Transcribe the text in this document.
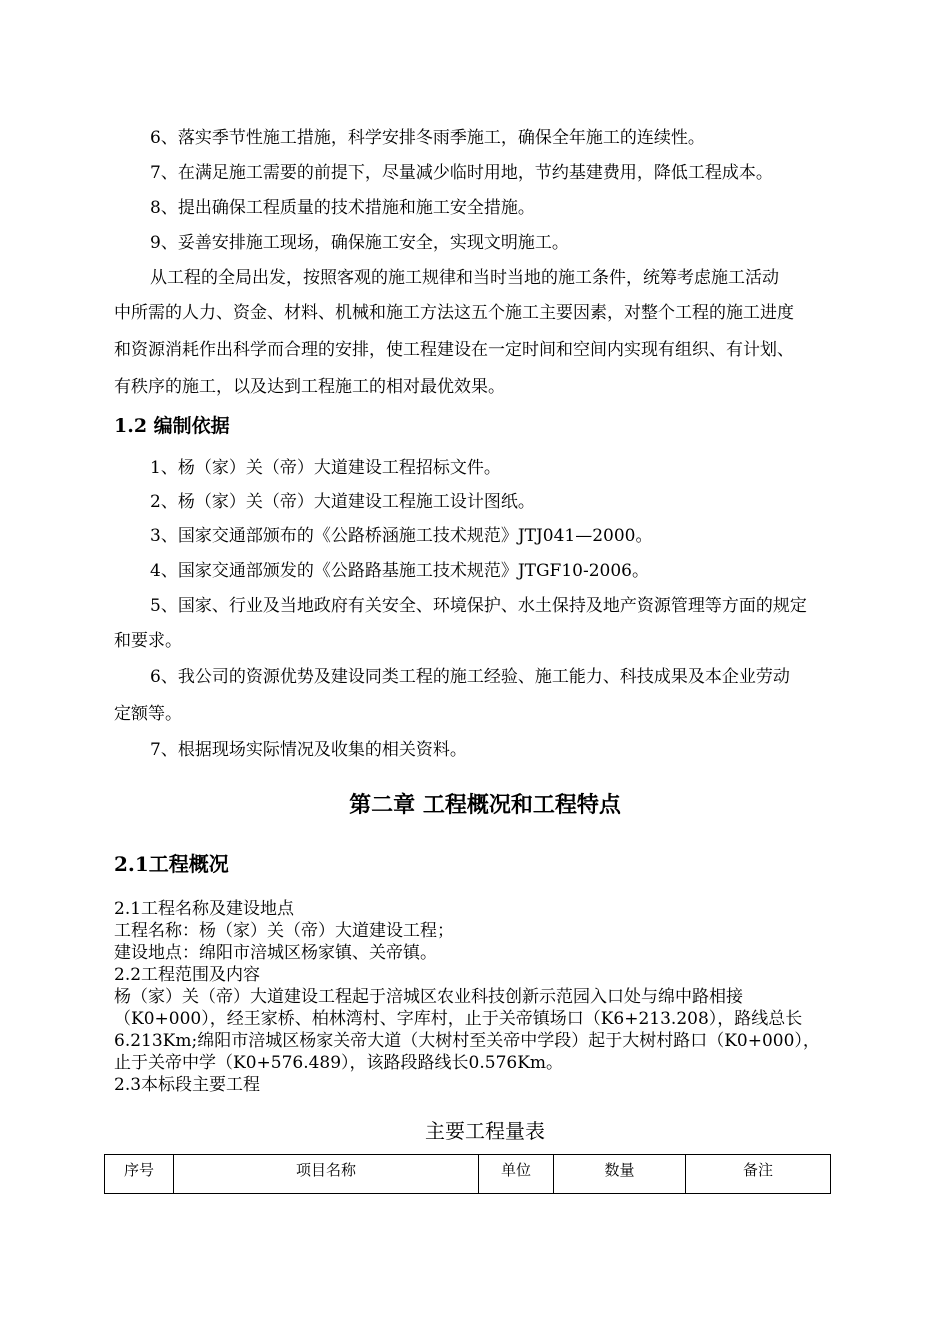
6、落实季节性施工措施，科学安排冬雨季施工，确保全年施工的连续性。
7、在满足施工需要的前提下，尽量减少临时用地，节约基建费用，降低工程成本。
8、提出确保工程质量的技术措施和施工安全措施。
9、妥善安排施工现场，确保施工安全，实现文明施工。
从工程的全局出发，按照客观的施工规律和当时当地的施工条件，统筹考虑施工活动
中所需的人力、资金、材料、机械和施工方法这五个施工主要因素，对整个工程的施工进度
和资源消耗作出科学而合理的安排，使工程建设在一定时间和空间内实现有组织、有计划、
有秩序的施工，以及达到工程施工的相对最优效果。
1.2 编制依据
1、杨（家）关（帝）大道建设工程招标文件。
2、杨（家）关（帝）大道建设工程施工设计图纸。
3、国家交通部颁布的《公路桥涵施工技术规范》JTJ041—2000。
4、国家交通部颁发的《公路路基施工技术规范》JTGF10-2006。
5、国家、行业及当地政府有关安全、环境保护、水土保持及地产资源管理等方面的规定
和要求。
6、我公司的资源优势及建设同类工程的施工经验、施工能力、科技成果及本企业劳动
定额等。
7、根据现场实际情况及收集的相关资料。
第二章 工程概况和工程特点
2.1工程概况
2.1工程名称及建设地点
工程名称：杨（家）关（帝）大道建设工程；
建设地点：绵阳市涪城区杨家镇、关帝镇。
2.2工程范围及内容
杨（家）关（帝）大道建设工程起于涪城区农业科技创新示范园入口处与绵中路相接
（K0+000），经王家桥、柏林湾村、字库村，止于关帝镇场口（K6+213.208），路线总长
6.213Km;绵阳市涪城区杨家关帝大道（大树村至关帝中学段）起于大树村路口（K0+000），
止于关帝中学（K0+576.489），该路段路线长0.576Km。
2.3本标段主要工程
主要工程量表
序号	项目名称	单位	数量	备注
